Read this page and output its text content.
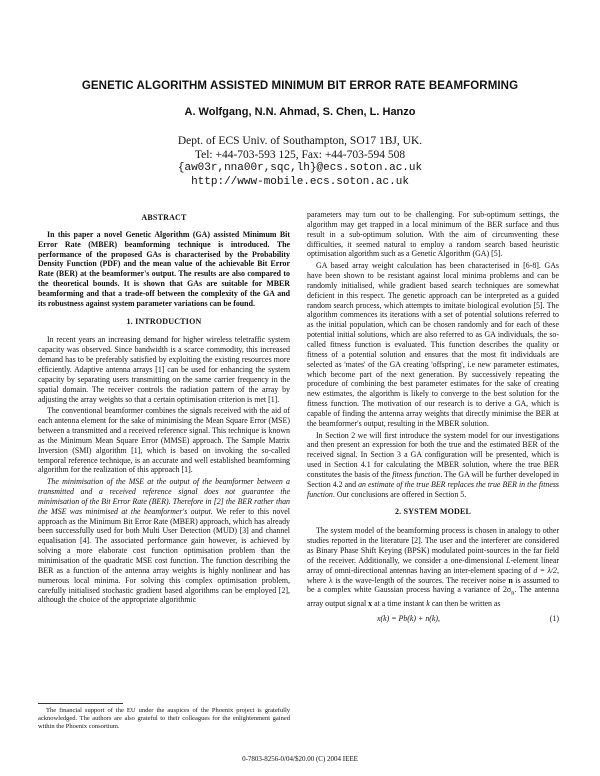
GENETIC ALGORITHM ASSISTED MINIMUM BIT ERROR RATE BEAMFORMING
A. Wolfgang, N.N. Ahmad, S. Chen, L. Hanzo
Dept. of ECS Univ. of Southampton, SO17 1BJ, UK.
Tel: +44-703-593 125, Fax: +44-703-594 508
{aw03r,nna00r,sqc,lh}@ecs.soton.ac.uk
http://www-mobile.ecs.soton.ac.uk
ABSTRACT

In this paper a novel Genetic Algorithm (GA) assisted Minimum Bit Error Rate (MBER) beamforming technique is introduced. The performance of the proposed GAs is characterised by the Probability Density Function (PDF) and the mean value of the achievable Bit Error Rate (BER) at the beamformer's output. The results are also compared to the theoretical bounds. It is shown that GAs are suitable for MBER beamforming and that a trade-off between the complexity of the GA and its robustness against system parameter variations can be found.

1. INTRODUCTION

In recent years an increasing demand for higher wireless teletraffic system capacity was observed. Since bandwidth is a scarce commodity, this increased demand has to be preferably satisfied by exploiting the existing resources more efficiently. Adaptive antenna arrays [1] can be used for enhancing the system capacity by separating users transmitting on the same carrier frequency in the spatial domain. The receiver controls the radiation pattern of the array by adjusting the array weights so that a certain optimisation criterion is met [1].

The conventional beamformer combines the signals received with the aid of each antenna element for the sake of minimising the Mean Square Error (MSE) between a transmitted and a received reference signal. This technique is known as the Minimum Mean Square Error (MMSE) approach. The Sample Matrix Inversion (SMI) algorithm [1], which is based on invoking the so-called temporal reference technique, is an accurate and well established beamforming algorithm for the realization of this approach [1].

The minimisation of the MSE at the output of the beamformer between a transmitted and a received reference signal does not guarantee the minimisation of the Bit Error Rate (BER). Therefore in [2] the BER rather than the MSE was minimised at the beamformer's output. We refer to this novel approach as the Minimum Bit Error Rate (MBER) approach, which has already been successfully used for both Multi User Detection (MUD) [3] and channel equalisation [4]. The associated performance gain however, is achieved by solving a more elaborate cost function optimisation problem than the minimisation of the quadratic MSE cost function. The function describing the BER as a function of the antenna array weights is highly nonlinear and has numerous local minima. For solving this complex optimisation problem, carefully initialised stochastic gradient based algorithms can be employed [2], although the choice of the appropriate algorithmic

parameters may turn out to be challenging. For sub-optimum settings, the algorithm may get trapped in a local minimum of the BER surface and thus result in a sub-optimum solution. With the aim of circumventing these difficulties, it seemed natural to employ a random search based heuristic optimisation algorithm such as a Genetic Algorithm (GA) [5].

GA based array weight calculation has been characterised in [6-8]. GAs have been shown to be resistant against local minima problems and can be randomly initialised, while gradient based search techniques are somewhat deficient in this respect. The genetic approach can be interpreted as a guided random search process, which attempts to imitate biological evolution [5]. The algorithm commences its iterations with a set of potential solutions referred to as the initial population, which can be chosen randomly and for each of these potential initial solutions, which are also referred to as GA individuals, the so-called fitness function is evaluated. This function describes the quality or fitness of a potential solution and ensures that the most fit individuals are selected as 'mates' of the GA creating 'offspring', i.e new parameter estimates, which become part of the next generation. By successively repeating the procedure of combining the best parameter estimates for the sake of creating new estimates, the algorithm is likely to converge to the best solution for the fitness function. The motivation of our research is to derive a GA, which is capable of finding the antenna array weights that directly minimise the BER at the beamformer's output, resulting in the MBER solution.

In Section 2 we will first introduce the system model for our investigations and then present an expression for both the true and the estimated BER of the received signal. In Section 3 a GA configuration will be presented, which is used in Section 4.1 for calculating the MBER solution, where the true BER constitutes the basis of the fitness function. The GA will be further developed in Section 4.2 and an estimate of the true BER replaces the true BER in the fitness function. Our conclusions are offered in Section 5.

2. SYSTEM MODEL

The system model of the beamforming process is chosen in analogy to other studies reported in the literature [2]. The user and the interferer are considered as Binary Phase Shift Keying (BPSK) modulated point-sources in the far field of the receiver. Additionally, we consider a one-dimensional L-element linear array of omni-directional antennas having an inter-element spacing of d = λ/2, where λ is the wave-length of the sources. The receiver noise n is assumed to be a complex white Gaussian process having a variance of $2\sigma_n$. The antenna array output signal x at a time instant k can then be written as

x(k) = Pb(k) + n(k),	(1)

The financial support of the EU under the auspices of the Phoenix project is gratefully acknowledged. The authors are also grateful to their colleagues for the enlightenment gained within the Phoenix consortium.

0-7803-8256-0/04/$20.00 (C) 2004 IEEE
